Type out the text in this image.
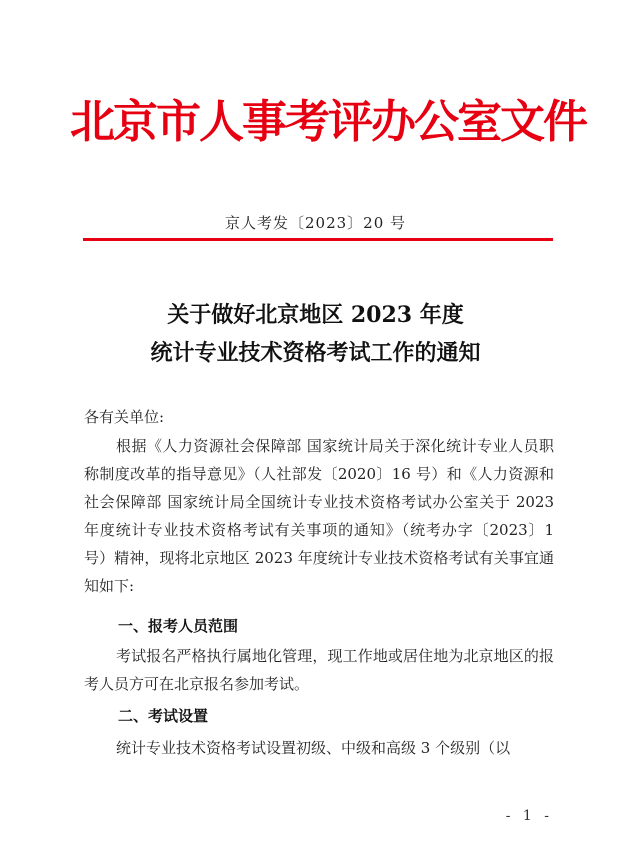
北京市人事考评办公室文件
京人考发〔2023〕20 号
关于做好北京地区 2023 年度
统计专业技术资格考试工作的通知
各有关单位:
根据《人力资源社会保障部 国家统计局关于深化统计专业人员职称制度改革的指导意见》（人社部发〔2020〕16 号）和《人力资源和社会保障部 国家统计局全国统计专业技术资格考试办公室关于 2023 年度统计专业技术资格考试有关事项的通知》（统考办字〔2023〕1 号）精神，现将北京地区 2023 年度统计专业技术资格考试有关事宜通知如下:
一、报考人员范围
考试报名严格执行属地化管理，现工作地或居住地为北京地区的报考人员方可在北京报名参加考试。
二、考试设置
统计专业技术资格考试设置初级、中级和高级 3 个级别（以
- 1 -
